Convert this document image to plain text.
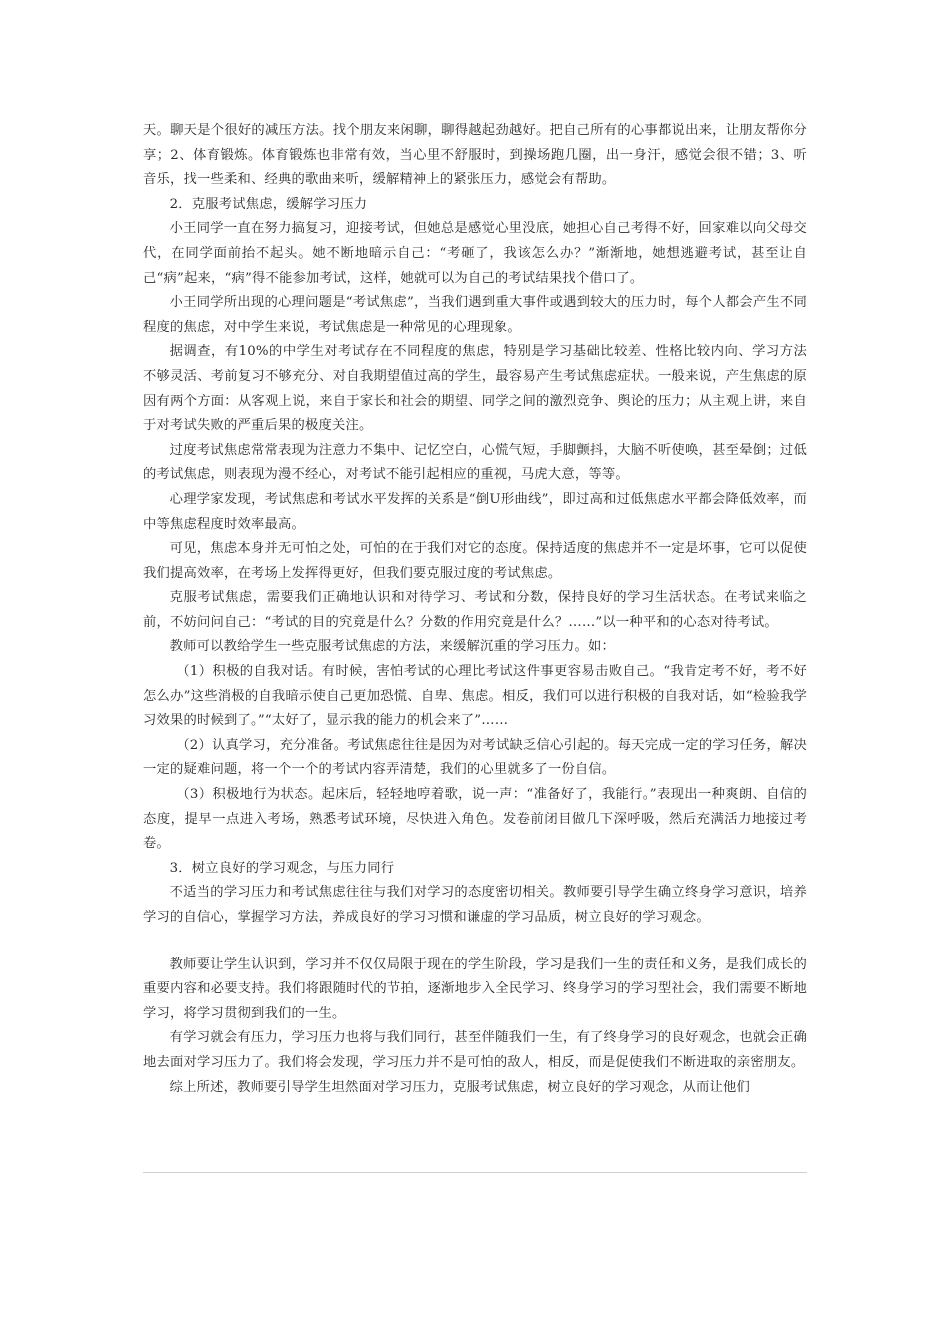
天。聊天是个很好的减压方法。找个朋友来闲聊，聊得越起劲越好。把自己所有的心事都说出来，让朋友帮你分享；2、体育锻炼。体育锻炼也非常有效，当心里不舒服时，到操场跑几圈，出一身汗，感觉会很不错；3、听音乐，找一些柔和、经典的歌曲来听，缓解精神上的紧张压力，感觉会有帮助。

2．克服考试焦虑，缓解学习压力

小王同学一直在努力搞复习，迎接考试，但她总是感觉心里没底，她担心自己考得不好，回家难以向父母交代，在同学面前抬不起头。她不断地暗示自己：“考砸了，我该怎么办？”渐渐地，她想逃避考试，甚至让自己“病”起来，“病”得不能参加考试，这样，她就可以为自己的考试结果找个借口了。

小王同学所出现的心理问题是“考试焦虑”，当我们遇到重大事件或遇到较大的压力时，每个人都会产生不同程度的焦虑，对中学生来说，考试焦虑是一种常见的心理现象。

据调查，有10%的中学生对考试存在不同程度的焦虑，特别是学习基础比较差、性格比较内向、学习方法不够灵活、考前复习不够充分、对自我期望值过高的学生，最容易产生考试焦虑症状。一般来说，产生焦虑的原因有两个方面：从客观上说，来自于家长和社会的期望、同学之间的激烈竞争、舆论的压力；从主观上讲，来自于对考试失败的严重后果的极度关注。

过度考试焦虑常常表现为注意力不集中、记忆空白，心慌气短，手脚颤抖，大脑不听使唤，甚至晕倒；过低的考试焦虑，则表现为漫不经心，对考试不能引起相应的重视，马虎大意，等等。

心理学家发现，考试焦虑和考试水平发挥的关系是“倒U形曲线”，即过高和过低焦虑水平都会降低效率，而中等焦虑程度时效率最高。

可见，焦虑本身并无可怕之处，可怕的在于我们对它的态度。保持适度的焦虑并不一定是坏事，它可以促使我们提高效率，在考场上发挥得更好，但我们要克服过度的考试焦虑。

克服考试焦虑，需要我们正确地认识和对待学习、考试和分数，保持良好的学习生活状态。在考试来临之前，不妨问问自己：“考试的目的究竟是什么？分数的作用究竟是什么？……”以一种平和的心态对待考试。

教师可以教给学生一些克服考试焦虑的方法，来缓解沉重的学习压力。如：

（1）积极的自我对话。有时候，害怕考试的心理比考试这件事更容易击败自己。“我肯定考不好，考不好怎么办”这些消极的自我暗示使自己更加恐慌、自卑、焦虑。相反，我们可以进行积极的自我对话，如“检验我学习效果的时候到了。”“太好了，显示我的能力的机会来了”……

（2）认真学习，充分准备。考试焦虑往往是因为对考试缺乏信心引起的。每天完成一定的学习任务，解决一定的疑难问题，将一个一个的考试内容弄清楚，我们的心里就多了一份自信。

（3）积极地行为状态。起床后，轻轻地哼着歌，说一声：“准备好了，我能行。”表现出一种爽朗、自信的态度，提早一点进入考场，熟悉考试环境，尽快进入角色。发卷前闭目做几下深呼吸，然后充满活力地接过考卷。

3．树立良好的学习观念，与压力同行

不适当的学习压力和考试焦虑往往与我们对学习的态度密切相关。教师要引导学生确立终身学习意识，培养学习的自信心，掌握学习方法，养成良好的学习习惯和谦虚的学习品质，树立良好的学习观念。

教师要让学生认识到，学习并不仅仅局限于现在的学生阶段，学习是我们一生的责任和义务，是我们成长的重要内容和必要支持。我们将跟随时代的节拍，逐渐地步入全民学习、终身学习的学习型社会，我们需要不断地学习，将学习贯彻到我们的一生。

有学习就会有压力，学习压力也将与我们同行，甚至伴随我们一生，有了终身学习的良好观念，也就会正确地去面对学习压力了。我们将会发现，学习压力并不是可怕的敌人，相反，而是促使我们不断进取的亲密朋友。

综上所述，教师要引导学生坦然面对学习压力，克服考试焦虑，树立良好的学习观念，从而让他们
